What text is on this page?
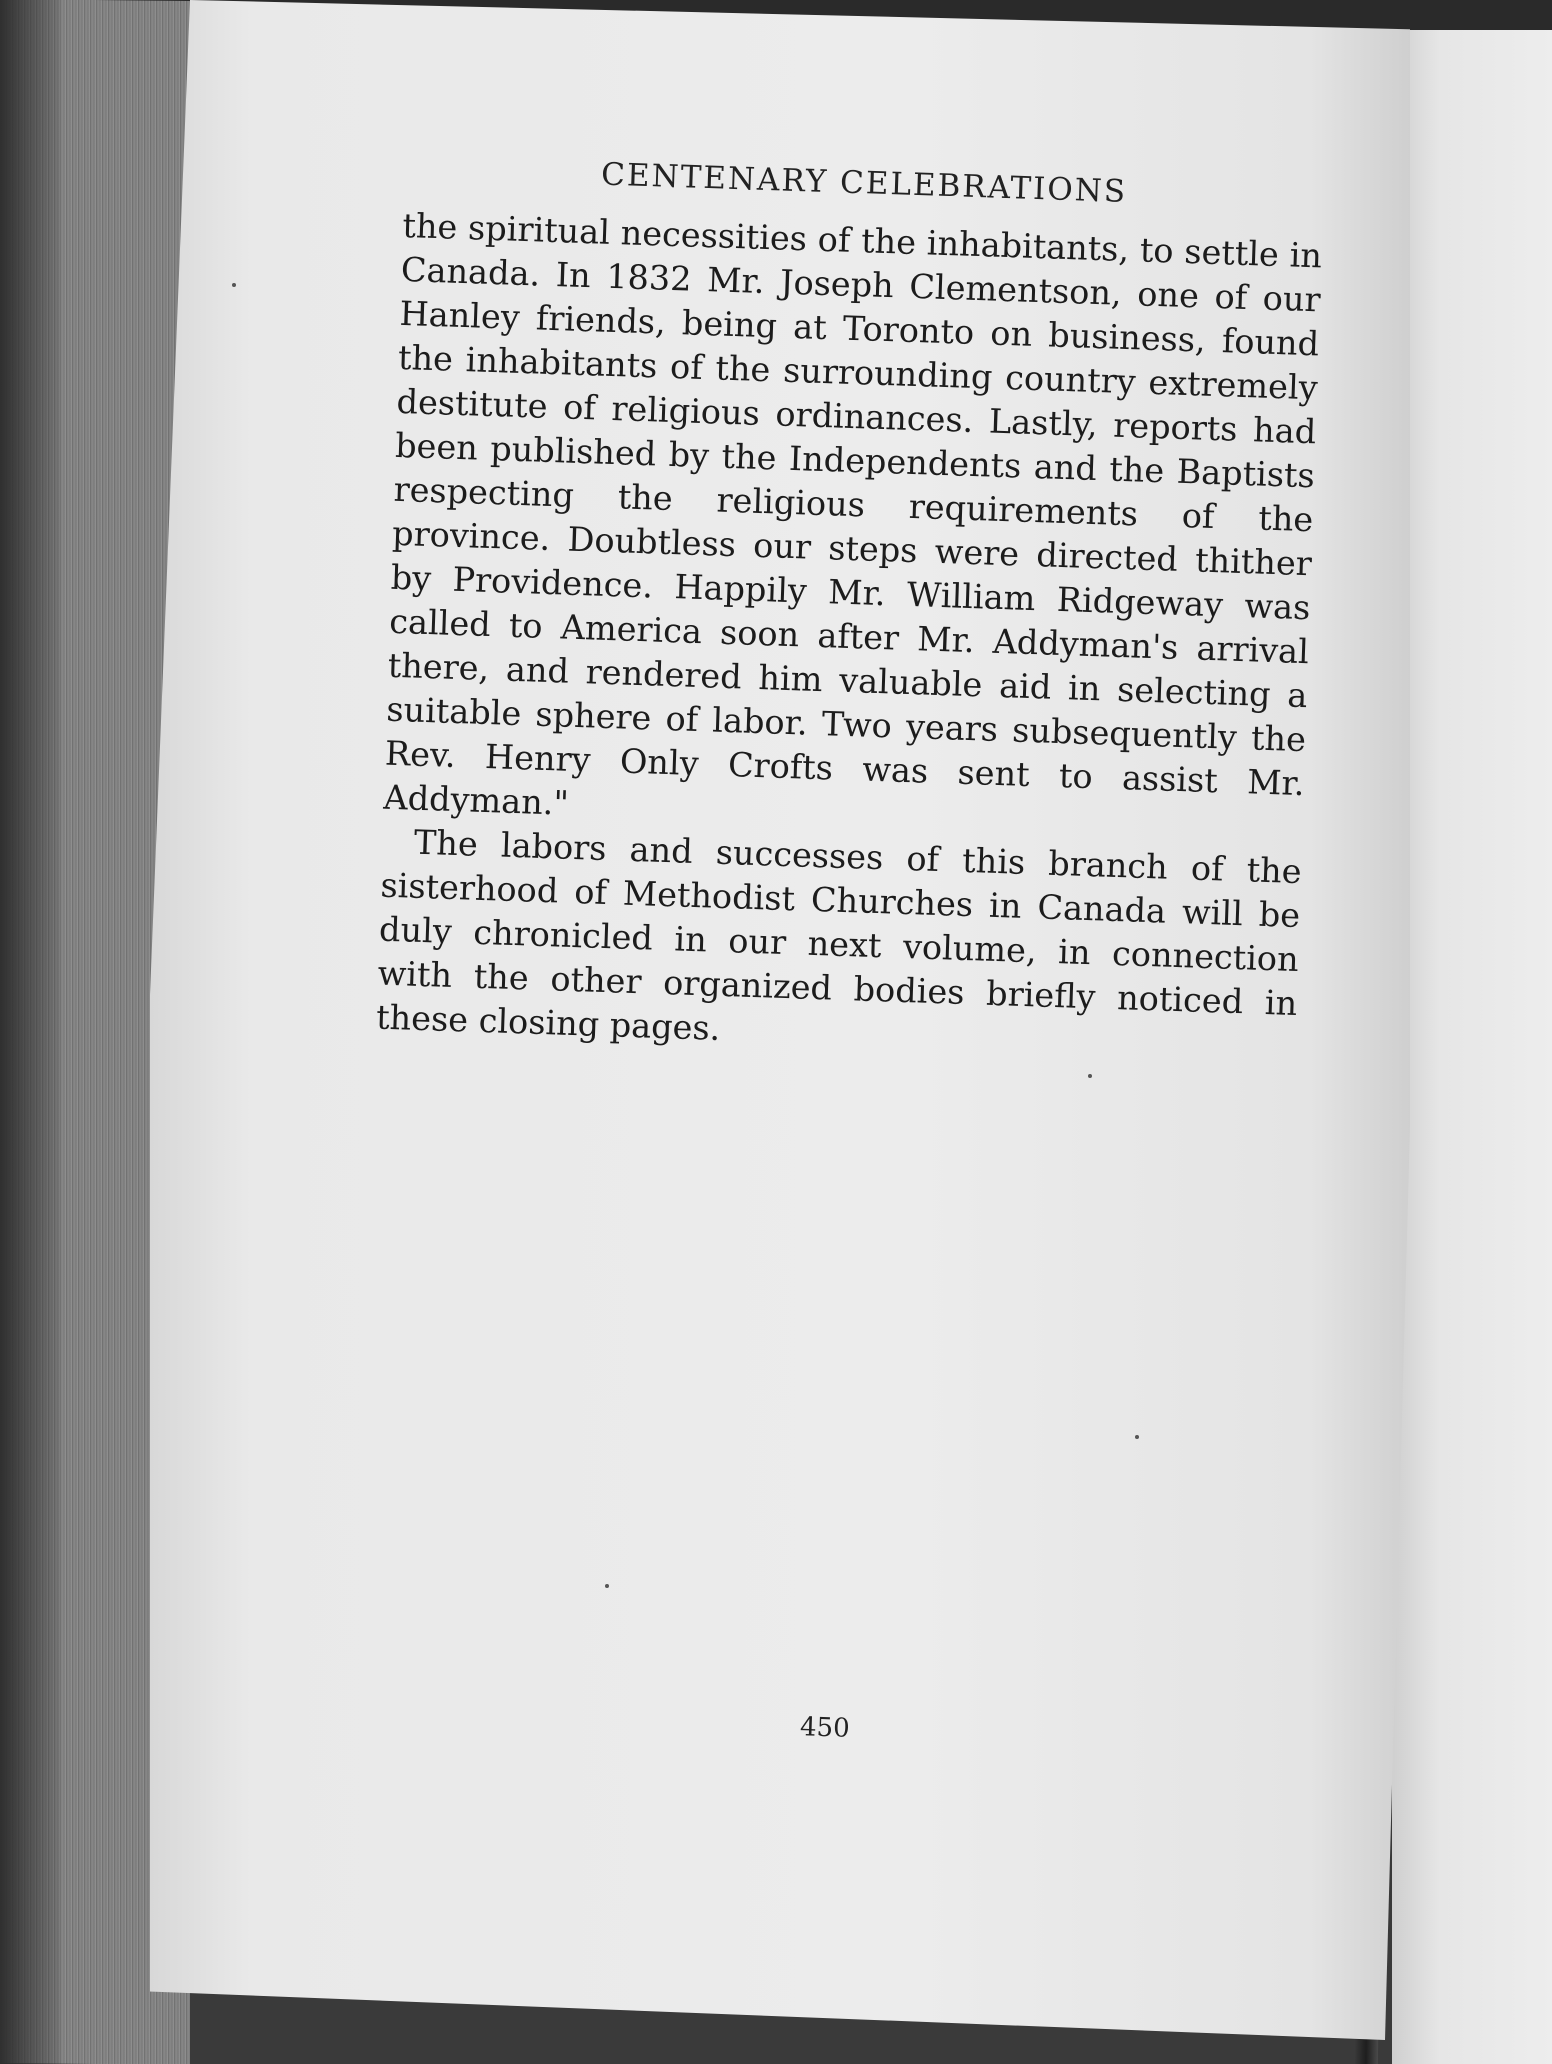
CENTENARY CELEBRATIONS

the spiritual necessities of the inhabitants, to settle in Canada. In 1832 Mr. Joseph Clementson, one of our Hanley friends, being at Toronto on business, found the inhabitants of the surrounding country extremely destitute of religious ordinances. Lastly, reports had been published by the Independents and the Baptists respecting the religious requirements of the province. Doubtless our steps were directed thither by Providence. Happily Mr. William Ridgeway was called to America soon after Mr. Addyman's arrival there, and rendered him valuable aid in selecting a suitable sphere of labor. Two years subsequently the Rev. Henry Only Crofts was sent to assist Mr. Addyman."

The labors and successes of this branch of the sisterhood of Methodist Churches in Canada will be duly chronicled in our next volume, in connection with the other organized bodies briefly noticed in these closing pages.

450
